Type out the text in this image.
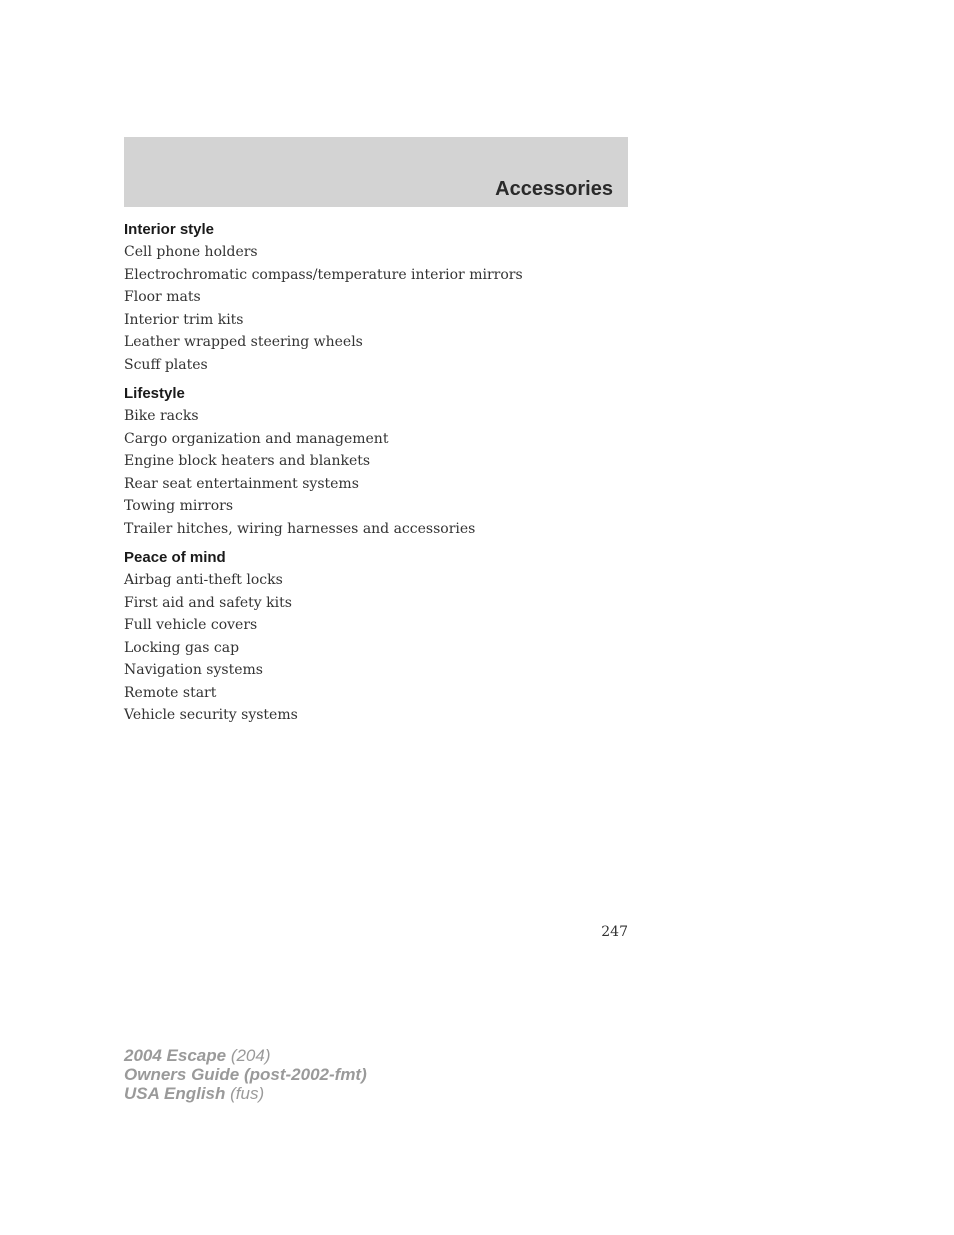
Accessories
Interior style
Cell phone holders
Electrochromatic compass/temperature interior mirrors
Floor mats
Interior trim kits
Leather wrapped steering wheels
Scuff plates
Lifestyle
Bike racks
Cargo organization and management
Engine block heaters and blankets
Rear seat entertainment systems
Towing mirrors
Trailer hitches, wiring harnesses and accessories
Peace of mind
Airbag anti-theft locks
First aid and safety kits
Full vehicle covers
Locking gas cap
Navigation systems
Remote start
Vehicle security systems
247
2004 Escape (204)
Owners Guide (post-2002-fmt)
USA English (fus)
